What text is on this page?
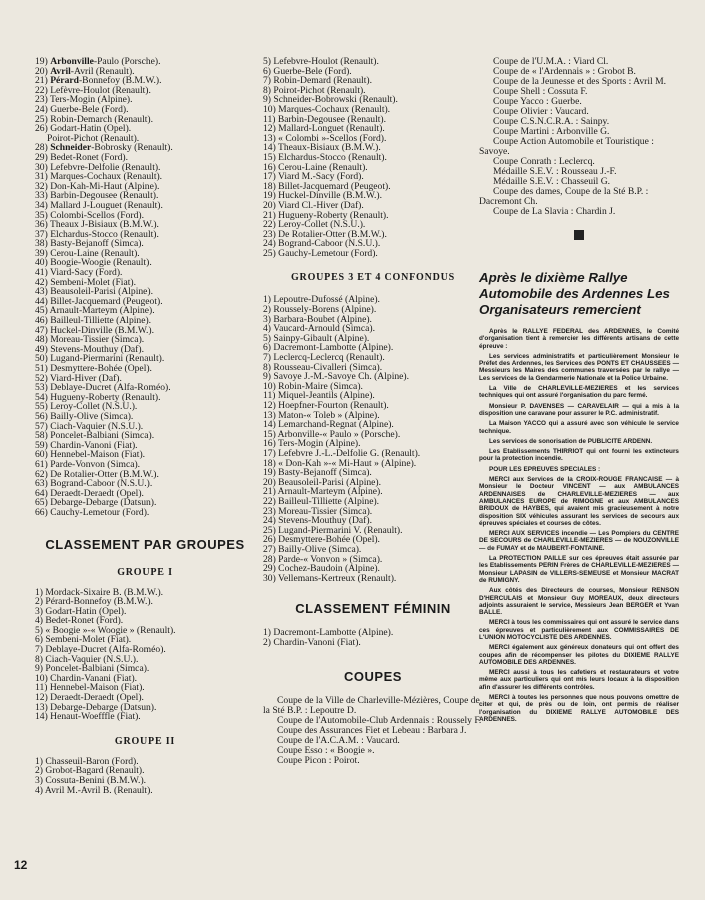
19) Arbonville-Paulo (Porsche).
20) Avril-Avril (Renault).
21) Pérard-Bonnefoy (B.M.W.).
22) Lefèvre-Houlot (Renault).
23) Ters-Mogin (Alpine).
24) Guerbe-Bele (Ford).
25) Robin-Demarch (Renault).
26) Godart-Hatin (Opel).
Poirot-Pichot (Renault).
28) Schneider-Bobrosky (Renault).
29) Bedet-Ronet (Ford).
30) Lefebvre-Delfolie (Renault).
31) Marques-Cochaux (Renault).
32) Don-Kah-Mi-Haut (Alpine).
33) Barbin-Degousee (Renault).
34) Mallard J-Louguet (Renault).
35) Colombi-Scellos (Ford).
36) Theaux J-Bisiaux (B.M.W.).
37) Elchardus-Stocco (Renault).
38) Basty-Bejanoff (Simca).
39) Cerou-Laine (Renault).
40) Boogie-Woogie (Renault).
41) Viard-Sacy (Ford).
42) Sembeni-Molet (Fiat).
43) Beausoleil-Parisi (Alpine).
44) Billet-Jacquemard (Peugeot).
45) Arnault-Marteym (Alpine).
46) Bailleul-Tilliette (Alpine).
47) Huckel-Dinville (B.M.W.).
48) Moreau-Tissier (Simca).
49) Stevens-Mouthuy (Daf).
50) Lugand-Piermarini (Renault).
51) Desmyttere-Bohée (Opel).
52) Viard-Hiver (Daf).
53) Deblaye-Ducret (Alfa-Roméo).
54) Hugueny-Roberty (Renault).
55) Leroy-Collet (N.S.U.).
56) Bailly-Olive (Simca).
57) Ciach-Vaquier (N.S.U.).
58) Poncelet-Balbiani (Simca).
59) Chardin-Vanoni (Fiat).
60) Hennebel-Maison (Fiat).
61) Parde-Vonvon (Simca).
62) De Rotalier-Otter (B.M.W.).
63) Bogrand-Caboor (N.S.U.).
64) Deraedt-Deraedt (Opel).
65) Debarge-Debarge (Datsun).
66) Cauchy-Lemetour (Ford).
CLASSEMENT PAR GROUPES
GROUPE I
1) Mordack-Sixaire B. (B.M.W.).
2) Pérard-Bonnefoy (B.M.W.).
3) Godart-Hatin (Opel).
4) Bedet-Ronet (Ford).
5) « Boogie »-« Woogie » (Renault).
6) Sembeni-Molet (Fiat).
7) Deblaye-Ducret (Alfa-Roméo).
8) Ciach-Vaquier (N.S.U.).
9) Poncelet-Balbiani (Simca).
10) Chardin-Vanani (Fiat).
11) Hennebel-Maison (Fiat).
12) Deraedt-Deraedt (Opel).
13) Debarge-Debarge (Datsun).
14) Henaut-Woefffle (Fiat).
GROUPE II
1) Chasseuil-Baron (Ford).
2) Grobot-Bagard (Renault).
3) Cossuta-Benini (B.M.W.).
4) Avril M.-Avril B. (Renault).
5) Lefebvre-Houlot (Renault).
6) Guerbe-Bele (Ford).
7) Robin-Demard (Renault).
8) Poirot-Pichot (Renault).
9) Schneider-Bobrowski (Renault).
10) Marques-Cochaux (Renault).
11) Barbin-Degousee (Renault).
12) Mallard-Longuet (Renault).
13) « Colombi »-Scellos (Ford).
14) Theaux-Bisiaux (B.M.W.).
15) Elchardus-Stocco (Renault).
16) Cerou-Laine (Renault).
17) Viard M.-Sacy (Ford).
18) Billet-Jacquemard (Peugeot).
19) Huckel-Dinville (B.M.W.).
20) Viard Cl.-Hiver (Daf).
21) Hugueny-Roberty (Renault).
22) Leroy-Collet (N.S.U.).
23) De Rotalier-Otter (B.M.W.).
24) Bogrand-Caboor (N.S.U.).
25) Gauchy-Lemetour (Ford).
GROUPES 3 ET 4 CONFONDUS
1) Lepoutre-Dufossé (Alpine).
2) Roussely-Borens (Alpine).
3) Barbara-Boubet (Alpine).
4) Vaucard-Arnould (Simca).
5) Sainpy-Gibault (Alpine).
6) Dacremont-Lambotte (Alpine).
7) Leclercq-Leclercq (Renault).
8) Rousseau-Civalleri (Simca).
9) Savoye J.-M.-Savoye Ch. (Alpine).
10) Robin-Maire (Simca).
11) Miquel-Jeantils (Alpine).
12) Hoepfner-Fourton (Renault).
13) Maton-« Toleb » (Alpine).
14) Lemarchand-Regnat (Alpine).
15) Arbonville-« Paulo » (Porsche).
16) Ters-Mogin (Alpine).
17) Lefebvre J.-L.-Delfolie G. (Renault).
18) « Don-Kah »-« Mi-Haut » (Alpine).
19) Basty-Bejanoff (Simca).
20) Beausoleil-Parisi (Alpine).
21) Arnault-Marteym (Alpine).
22) Bailleul-Tilliette (Alpine).
23) Moreau-Tissier (Simca).
24) Stevens-Mouthuy (Daf).
25) Lugand-Piermarini V. (Renault).
26) Desmyttere-Bohée (Opel).
27) Bailly-Olive (Simca).
28) Parde-« Vonvon » (Simca).
29) Cochez-Baudoin (Alpine).
30) Vellemans-Kertreux (Renault).
CLASSEMENT FÉMININ
1) Dacremont-Lambotte (Alpine).
2) Chardin-Vanoni (Fiat).
COUPES
Coupe de la Ville de Charleville-Mézières, Coupe de la Sté B.P. : Lepoutre D.
Coupe de l'Automobile-Club Ardennais : Roussely F.
Coupe des Assurances Fiet et Lebeau : Barbara J.
Coupe de l'A.C.A.M. : Vaucard.
Coupe Esso : « Boogie ».
Coupe Picon : Poirot.
Coupe de l'U.M.A. : Viard Cl.
Coupe de « l'Ardennais » : Grobot B.
Coupe de la Jeunesse et des Sports : Avril M.
Coupe Shell : Cossuta F.
Coupe Yacco : Guerbe.
Coupe Olivier : Vaucard.
Coupe C.S.N.C.R.A. : Sainpy.
Coupe Martini : Arbonville G.
Coupe Action Automobile et Touristique : Savoye.
Coupe Conrath : Leclercq.
Médaille S.E.V. : Rousseau J.-F.
Médaille S.E.V. : Chasseuil G.
Coupe des dames, Coupe de la Sté B.P. : Dacremont Ch.
Coupe de La Slavia : Chardin J.
Après le dixième Rallye Automobile des Ardennes Les Organisateurs remercient

Après le RALLYE FEDERAL des ARDENNES, le Comité d'organisation tient à remercier les différents artisans de cette épreuve :

Les services administratifs et particulièrement Monsieur le Préfet des Ardennes, les Services des PONTS ET CHAUSSEES — Messieurs les Maires des communes traversées par le rallye — Les services de la Gendarmerie Nationale et la Police Urbaine.

La Ville de CHARLEVILLE-MEZIERES et les services techniques qui ont assuré l'organisation du parc fermé.

Monsieur P. DAVENSES — CARAVELAIR — qui a mis à la disposition une caravane pour assurer le P.C. administratif.

La Maison YACCO qui a assuré avec son véhicule le service technique.

Les services de sonorisation de PUBLICITE ARDENN.

Les Etablissements THIRRIOT qui ont fourni les extincteurs pour la protection incendie.

POUR LES EPREUVES SPECIALES :

MERCI aux Services de la CROIX-ROUGE FRANCAISE — à Monsieur le Docteur VINCENT — aux AMBULANCES ARDENNAISES de CHARLEVILLE-MEZIERES — aux AMBULANCES EUROPE de RIMOGNE et aux AMBULANCES BRIDOUX de HAYBES, qui avaient mis gracieusement à notre disposition SIX véhicules assurant les services de secours aux épreuves spéciales et courses de côtes.

MERCI AUX SERVICES incendie — Les Pompiers du CENTRE DE SECOURS de CHARLEVILLE-MEZIERES — de NOUZONVILLE — de FUMAY et de MAUBERT-FONTAINE.

La PROTECTION PAILLE sur ces épreuves était assurée par les Etablissements PERIN Frères de CHARLEVILLE-MEZIERES — Monsieur LAPASIN de VILLERS-SEMEUSE et Monsieur MACRAT de RUMIGNY.

Aux côtés des Directeurs de courses, Monsieur RENSON D'HERCULAIS et Monsieur Guy MOREAUX, deux directeurs adjoints assuraient le service, Messieurs Jean BERGER et Yvan BALLE.

MERCI à tous les commissaires qui ont assuré le service dans ces épreuves et particulièrement aux COMMISSAIRES DE L'UNION MOTOCYCLISTE DES ARDENNES.

MERCI également aux généreux donateurs qui ont offert des coupes afin de récompenser les pilotes du DIXIEME RALLYE AUTOMOBILE DES ARDENNES.

MERCI aussi à tous les cafetiers et restaurateurs et votre même aux particuliers qui ont mis leurs locaux à la disposition afin d'assurer les différents contrôles.

MERCI à toutes les personnes que nous pouvons omettre de citer et qui, de près ou de loin, ont permis de réaliser l'organisation du DIXIEME RALLYE AUTOMOBILE DES ARDENNES.

12
